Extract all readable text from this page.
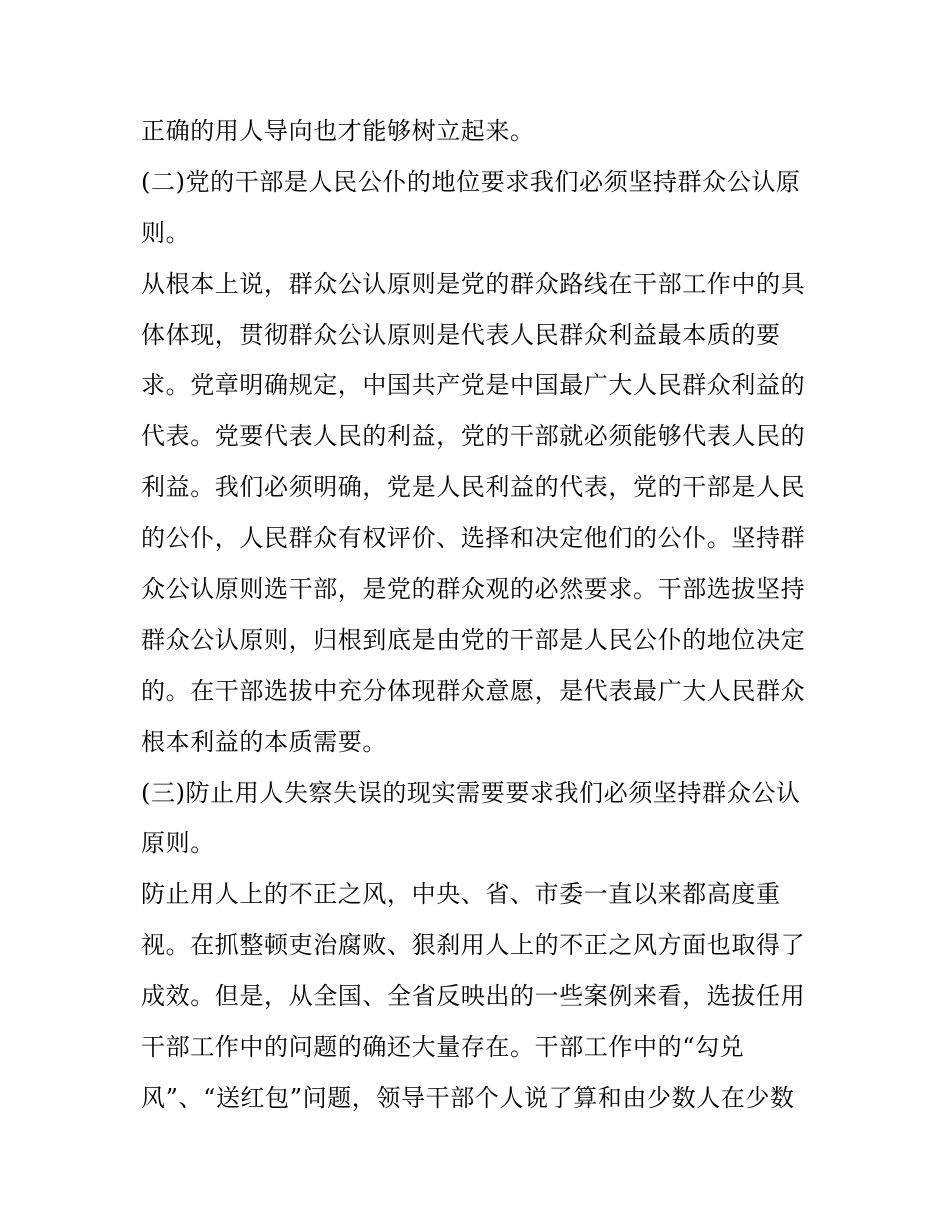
正确的用人导向也才能够树立起来。
(二)党的干部是人民公仆的地位要求我们必须坚持群众公认原
则。
从根本上说，群众公认原则是党的群众路线在干部工作中的具
体体现，贯彻群众公认原则是代表人民群众利益最本质的要
求。党章明确规定，中国共产党是中国最广大人民群众利益的
代表。党要代表人民的利益，党的干部就必须能够代表人民的
利益。我们必须明确，党是人民利益的代表，党的干部是人民
的公仆，人民群众有权评价、选择和决定他们的公仆。坚持群
众公认原则选干部，是党的群众观的必然要求。干部选拔坚持
群众公认原则，归根到底是由党的干部是人民公仆的地位决定
的。在干部选拔中充分体现群众意愿，是代表最广大人民群众
根本利益的本质需要。
(三)防止用人失察失误的现实需要要求我们必须坚持群众公认
原则。
防止用人上的不正之风，中央、省、市委一直以来都高度重
视。在抓整顿吏治腐败、狠刹用人上的不正之风方面也取得了
成效。但是，从全国、全省反映出的一些案例来看，选拔任用
干部工作中的问题的确还大量存在。干部工作中的“勾兑
风”、“送红包”问题，领导干部个人说了算和由少数人在少数
